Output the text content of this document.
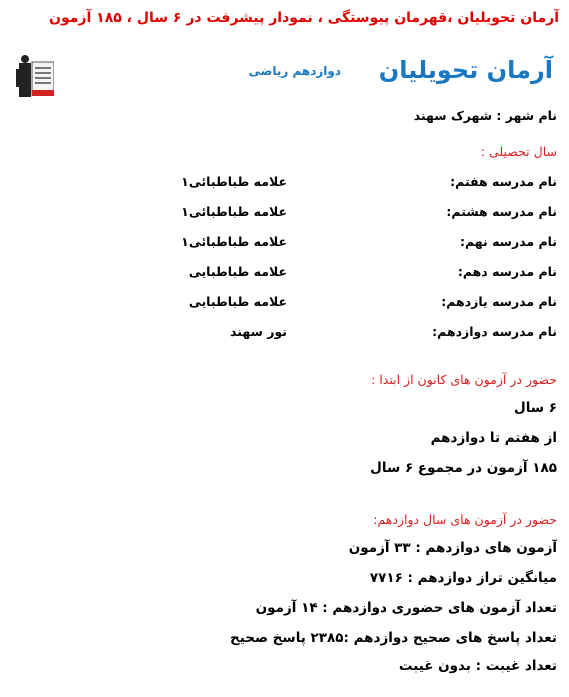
آرمان تحویلیان ،قهرمان پیوستگی ، نمودار پیشرفت در ۶ سال ، ۱۸۵ آزمون
آرمان تحویلیان
دوازدهم ریاضی
نام شهر : شهرک سهند
سال تحصیلی :
نام مدرسه هفتم:
علامه طباطبائی۱
نام مدرسه هشتم:
علامه طباطبائی۱
نام مدرسه نهم:
علامه طباطبائی۱
نام مدرسه دهم:
علامه طباطبایی
نام مدرسه یازدهم:
علامه طباطبایی
نام مدرسه دوازدهم:
نور سهند
حضور در آزمون های کانون از ابتدا :
۶ سال
از هفتم تا دوازدهم
۱۸۵ آزمون در مجموع ۶ سال
حضور در آزمون های سال دوازدهم:
آزمون های دوازدهم : ۳۳ آزمون
میانگین تراز دوازدهم : ۷۷۱۶
تعداد آزمون های حضوری دوازدهم : ۱۴ آزمون
تعداد پاسخ های صحیح دوازدهم :۲۳۸۵ پاسخ صحیح
تعداد غیبت : بدون غیبت
